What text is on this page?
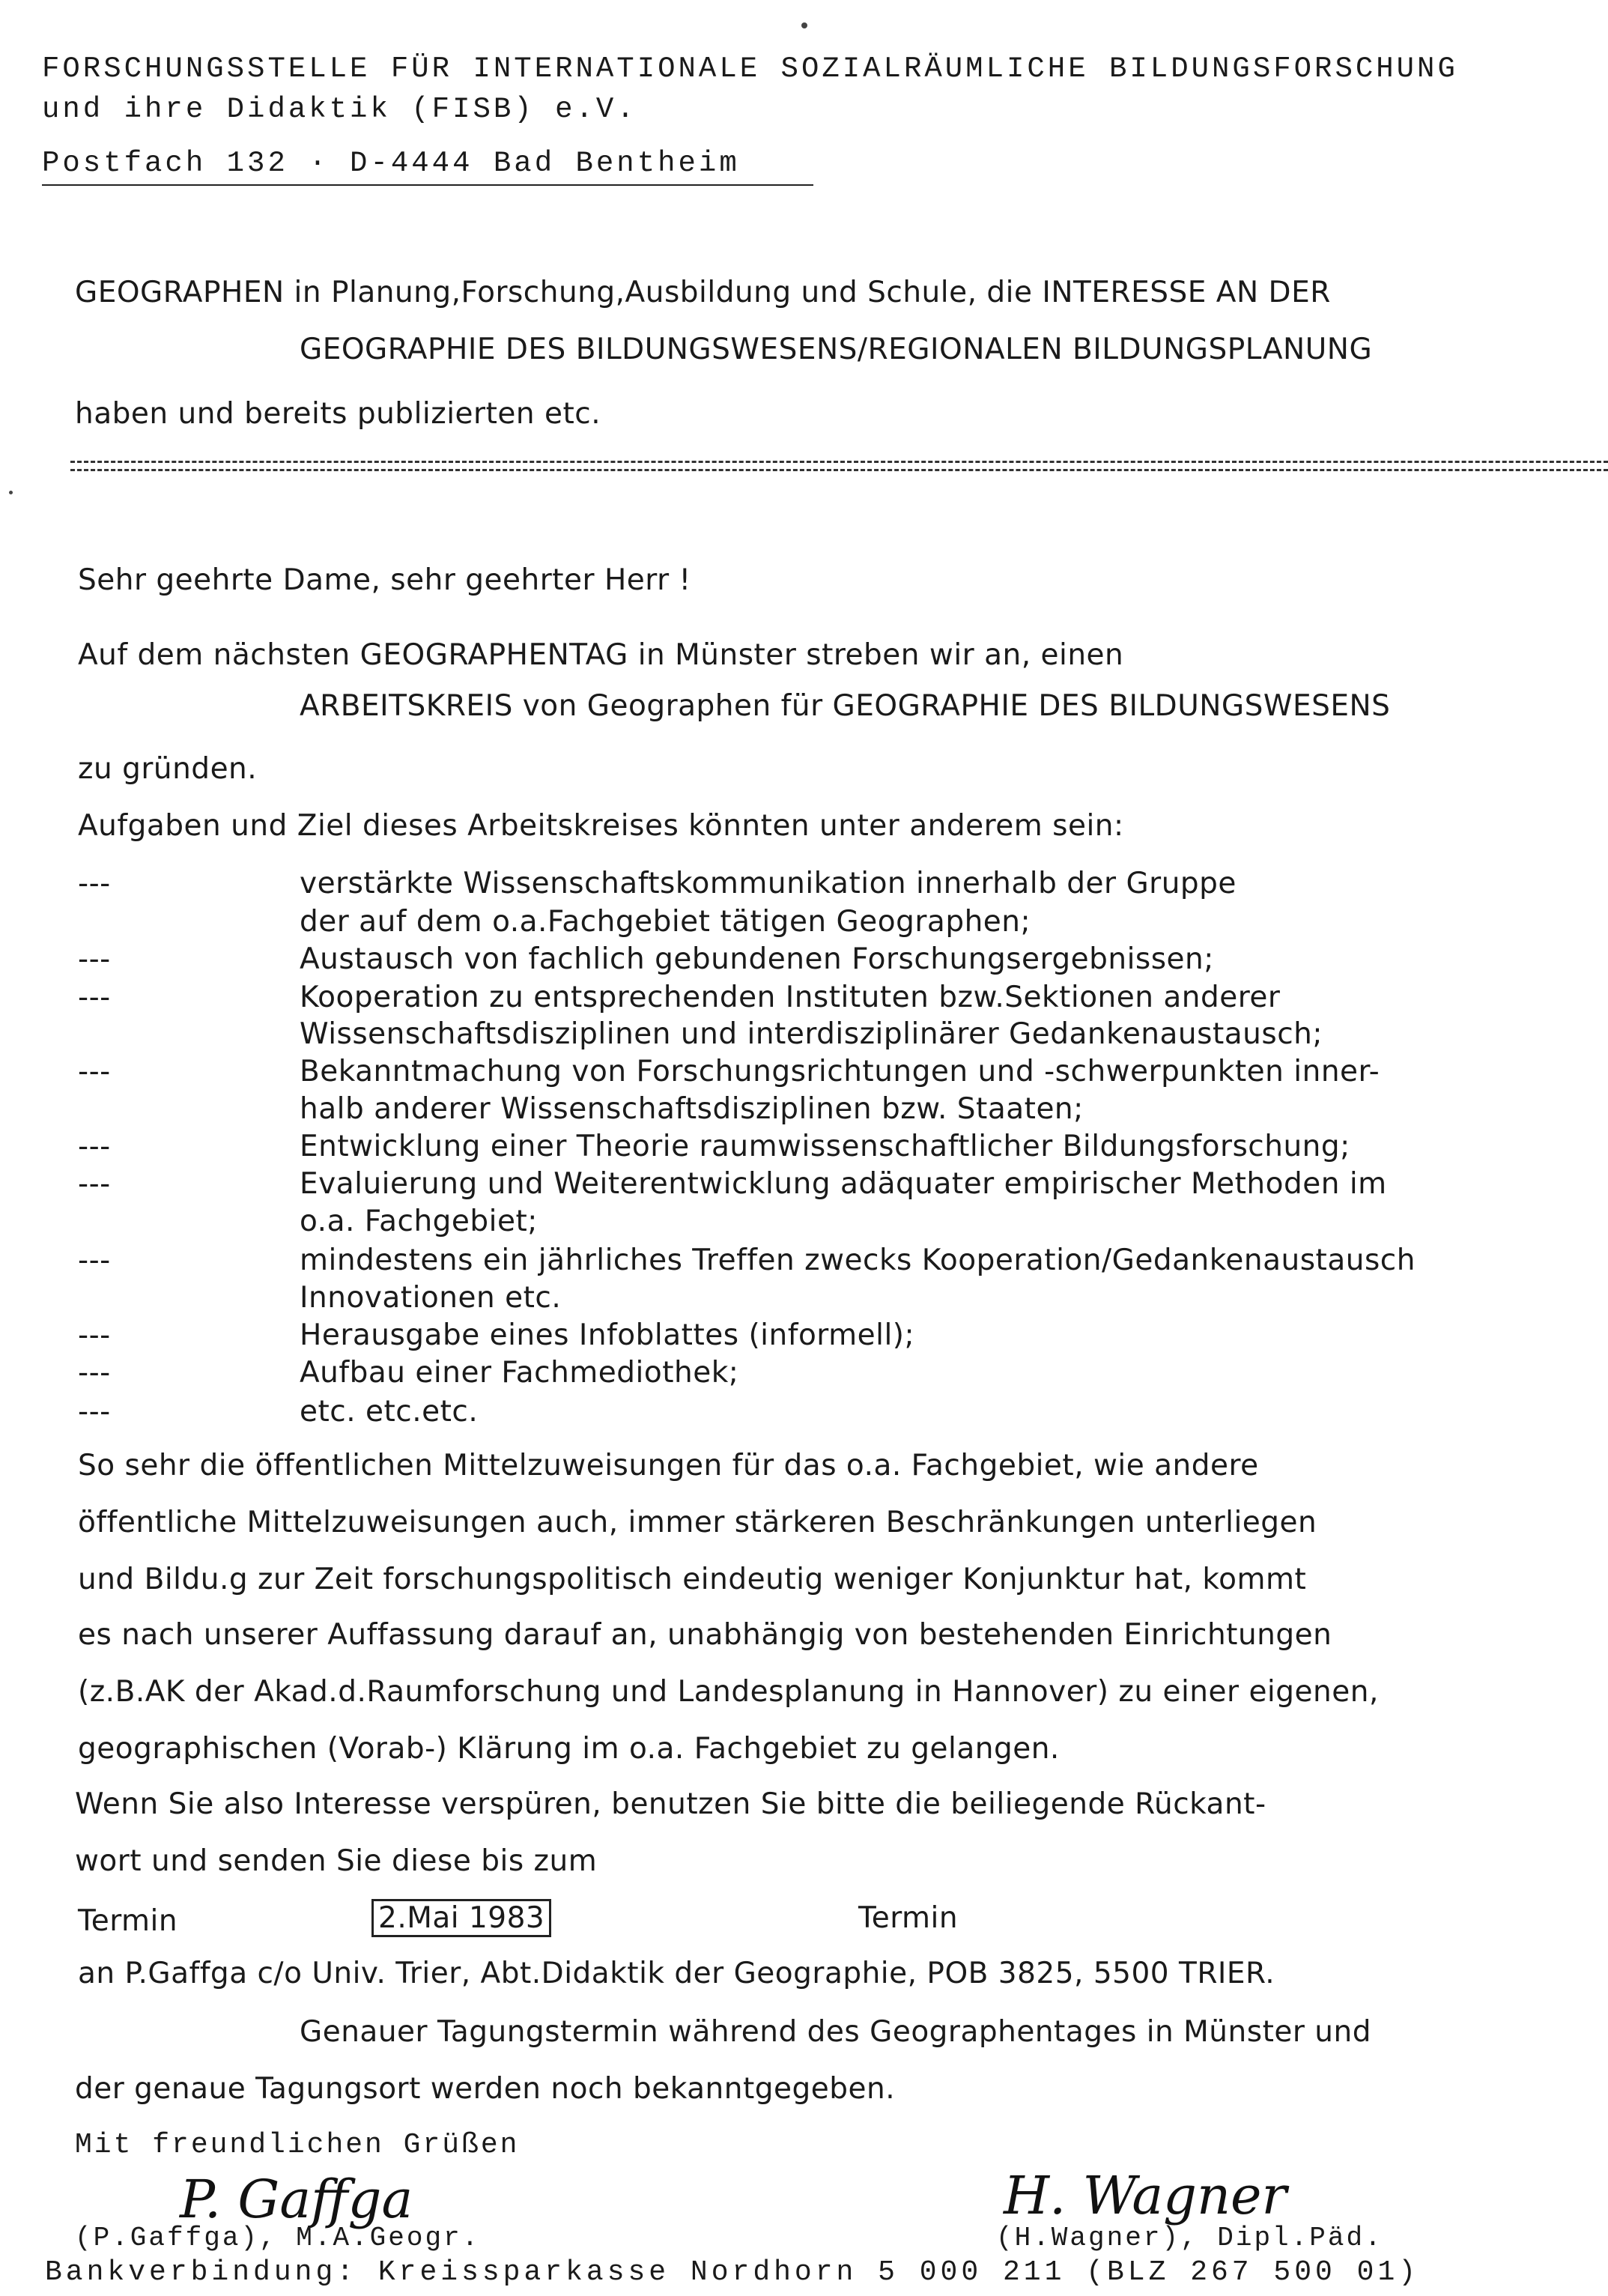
FORSCHUNGSSTELLE FÜR INTERNATIONALE SOZIALRÄUMLICHE BILDUNGSFORSCHUNG
und ihre Didaktik (FISB) e.V.
Postfach 132 · D-4444 Bad Bentheim
GEOGRAPHEN in Planung,Forschung,Ausbildung und Schule, die INTERESSE AN DER
GEOGRAPHIE DES BILDUNGSWESENS/REGIONALEN BILDUNGSPLANUNG
haben und bereits publizierten etc.
Sehr geehrte Dame, sehr geehrter Herr !
Auf dem nächsten GEOGRAPHENTAG in Münster streben wir an, einen
ARBEITSKREIS von Geographen für GEOGRAPHIE DES BILDUNGSWESENS
zu gründen.
Aufgaben und Ziel dieses Arbeitskreises könnten unter anderem sein:
---	verstärkte Wissenschaftskommunikation innerhalb der Gruppe
der auf dem o.a.Fachgebiet tätigen Geographen;
---	Austausch von fachlich gebundenen Forschungsergebnissen;
---	Kooperation zu entsprechenden Instituten bzw.Sektionen anderer
Wissenschaftsdisziplinen und interdisziplinärer Gedankenaustausch;
---	Bekanntmachung von Forschungsrichtungen und -schwerpunkten inner-
halb anderer Wissenschaftsdisziplinen bzw. Staaten;
---	Entwicklung einer Theorie raumwissenschaftlicher Bildungsforschung;
---	Evaluierung und Weiterentwicklung adäquater empirischer Methoden im
o.a. Fachgebiet;
---	mindestens ein jährliches Treffen zwecks Kooperation/Gedankenaustausch
Innovationen etc.
---	Herausgabe eines Infoblattes (informell);
---	Aufbau einer Fachmediothek;
---	etc. etc.etc.
So sehr die öffentlichen Mittelzuweisungen für das o.a. Fachgebiet, wie andere
öffentliche Mittelzuweisungen auch, immer stärkeren Beschränkungen unterliegen
und Bildu.g zur Zeit forschungspolitisch eindeutig weniger Konjunktur hat, kommt
es nach unserer Auffassung darauf an, unabhängig von bestehenden Einrichtungen
(z.B.AK der Akad.d.Raumforschung und Landesplanung in Hannover) zu einer eigenen,
geographischen (Vorab-) Klärung im o.a. Fachgebiet zu gelangen.
Wenn Sie also Interesse verspüren, benutzen Sie bitte die beiliegende Rückant-
wort und senden Sie diese bis zum
Termin	2.Mai 1983	Termin
an P.Gaffga c/o Univ. Trier, Abt.Didaktik der Geographie, POB 3825, 5500 TRIER.
Genauer Tagungstermin während des Geographentages in Münster und
der genaue Tagungsort werden noch bekanntgegeben.
Mit freundlichen Grüßen
P. Gaffga	H. Wagner
(P.Gaffga), M.A.Geogr.	(H.Wagner), Dipl.Päd.
Bankverbindung: Kreissparkasse Nordhorn 5 000 211 (BLZ 267 500 01)
